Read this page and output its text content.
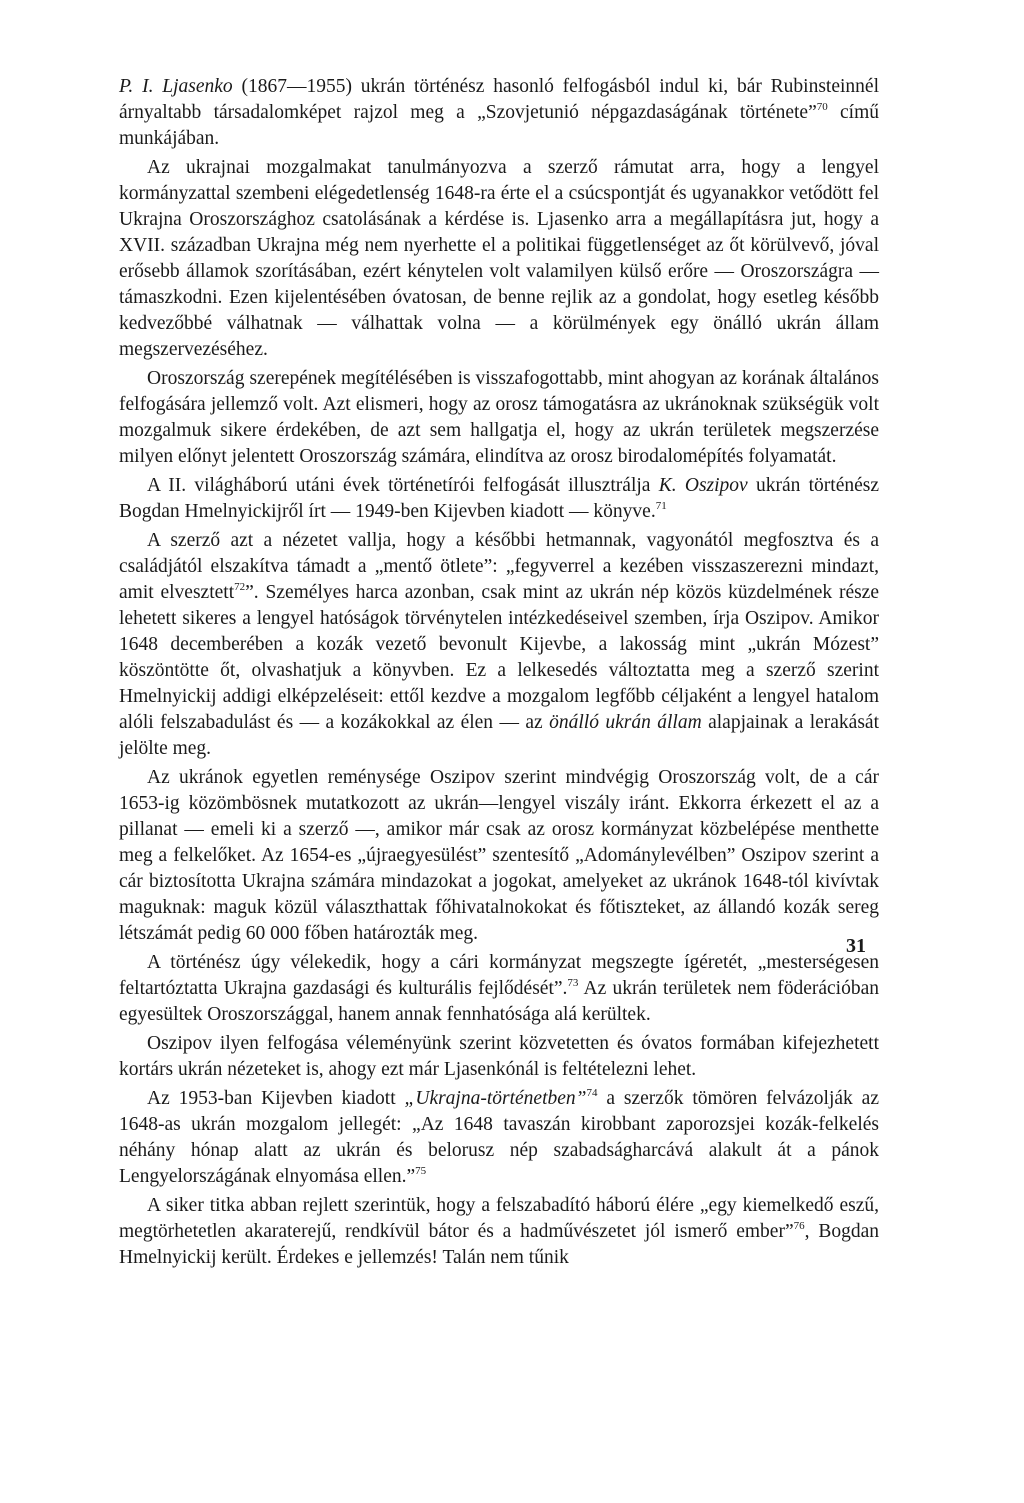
P. I. Ljasenko (1867—1955) ukrán történész hasonló felfogásból indul ki, bár Rubinsteinnél árnyaltabb társadalomképet rajzol meg a „Szovjetunió népgazdaságának története”$^{70}$ című munkájában.

Az ukrajnai mozgalmakat tanulmányozva a szerző rámutat arra, hogy a lengyel kormányzattal szembeni elégedetlenség 1648-ra érte el a csúcspontját és ugyanakkor vetődött fel Ukrajna Oroszországhoz csatolásának a kérdése is. Ljasenko arra a megállapításra jut, hogy a XVII. században Ukrajna még nem nyerhette el a politikai függetlenséget az őt körülvevő, jóval erősebb államok szorításában, ezért kénytelen volt valamilyen külső erőre — Oroszországra — támaszkodni. Ezen kijelentésében óvatosan, de benne rejlik az a gondolat, hogy esetleg később kedvezőbbé válhatnak — válhattak volna — a körülmények egy önálló ukrán állam megszervezéséhez.

Oroszország szerepének megítélésében is visszafogottabb, mint ahogyan az korának általános felfogására jellemző volt. Azt elismeri, hogy az orosz támogatásra az ukránoknak szükségük volt mozgalmuk sikere érdekében, de azt sem hallgatja el, hogy az ukrán területek megszerzése milyen előnyt jelentett Oroszország számára, elindítva az orosz birodalomépítés folyamatát.

A II. világháború utáni évek történetírói felfogását illusztrálja K. Oszipov ukrán történész Bogdan Hmelnyickijről írt — 1949-ben Kijevben kiadott — könyve.$^{71}$

A szerző azt a nézetet vallja, hogy a későbbi hetmannak, vagyonától megfosztva és a családjától elszakítva támadt a „mentő ötlete”: „fegyverrel a kezében visszaszerezni mindazt, amit elvesztett$^{72}$”. Személyes harca azonban, csak mint az ukrán nép közös küzdelmének része lehetett sikeres a lengyel hatóságok törvénytelen intézkedéseivel szemben, írja Oszipov. Amikor 1648 decemberében a kozák vezető bevonult Kijevbe, a lakosság mint „ukrán Mózest” köszöntötte őt, olvashatjuk a könyvben. Ez a lelkesedés változtatta meg a szerző szerint Hmelnyickij addigi elképzeléseit: ettől kezdve a mozgalom legfőbb céljaként a lengyel hatalom alóli felszabadulást és — a kozákokkal az élen — az önálló ukrán állam alapjainak a lerakását jelölte meg.

Az ukránok egyetlen reménysége Oszipov szerint mindvégig Oroszország volt, de a cár 1653-ig közömbösnek mutatkozott az ukrán—lengyel viszály iránt. Ekkorra érkezett el az a pillanat — emeli ki a szerző —, amikor már csak az orosz kormányzat közbelépése menthette meg a felkelőket. Az 1654-es „újraegyesülést” szentesítő „Adománylevélben” Oszipov szerint a cár biztosította Ukrajna számára mindazokat a jogokat, amelyeket az ukránok 1648-tól kivívtak maguknak: maguk közül választhattak főhivatalnokokat és főtiszteket, az állandó kozák sereg létszámát pedig 60 000 főben határozták meg.

A történész úgy vélekedik, hogy a cári kormányzat megszegte ígéretét, „mesterségesen feltartóztatta Ukrajna gazdasági és kulturális fejlődését”.$^{73}$ Az ukrán területek nem föderációban egyesültek Oroszországgal, hanem annak fennhatósága alá kerültek.

Oszipov ilyen felfogása véleményünk szerint közvetetten és óvatos formában kifejezhetett kortárs ukrán nézeteket is, ahogy ezt már Ljasenkónál is feltételezni lehet.

Az 1953-ban Kijevben kiadott „Ukrajna-történetben”$^{74}$ a szerzők tömören felvázolják az 1648-as ukrán mozgalom jellegét: „Az 1648 tavaszán kirobbant zaporozsjei kozák-felkelés néhány hónap alatt az ukrán és belorusz nép szabadságharcává alakult át a pánok Lengyelországának elnyomása ellen.”$^{75}$

A siker titka abban rejlett szerintük, hogy a felszabadító háború élére „egy kiemelkedő eszű, megtörhetetlen akaraterejű, rendkívül bátor és a hadművészetet jól ismerő ember”$^{76}$, Bogdan Hmelnyickij került. Érdekes e jellemzés! Talán nem tűnik

31
